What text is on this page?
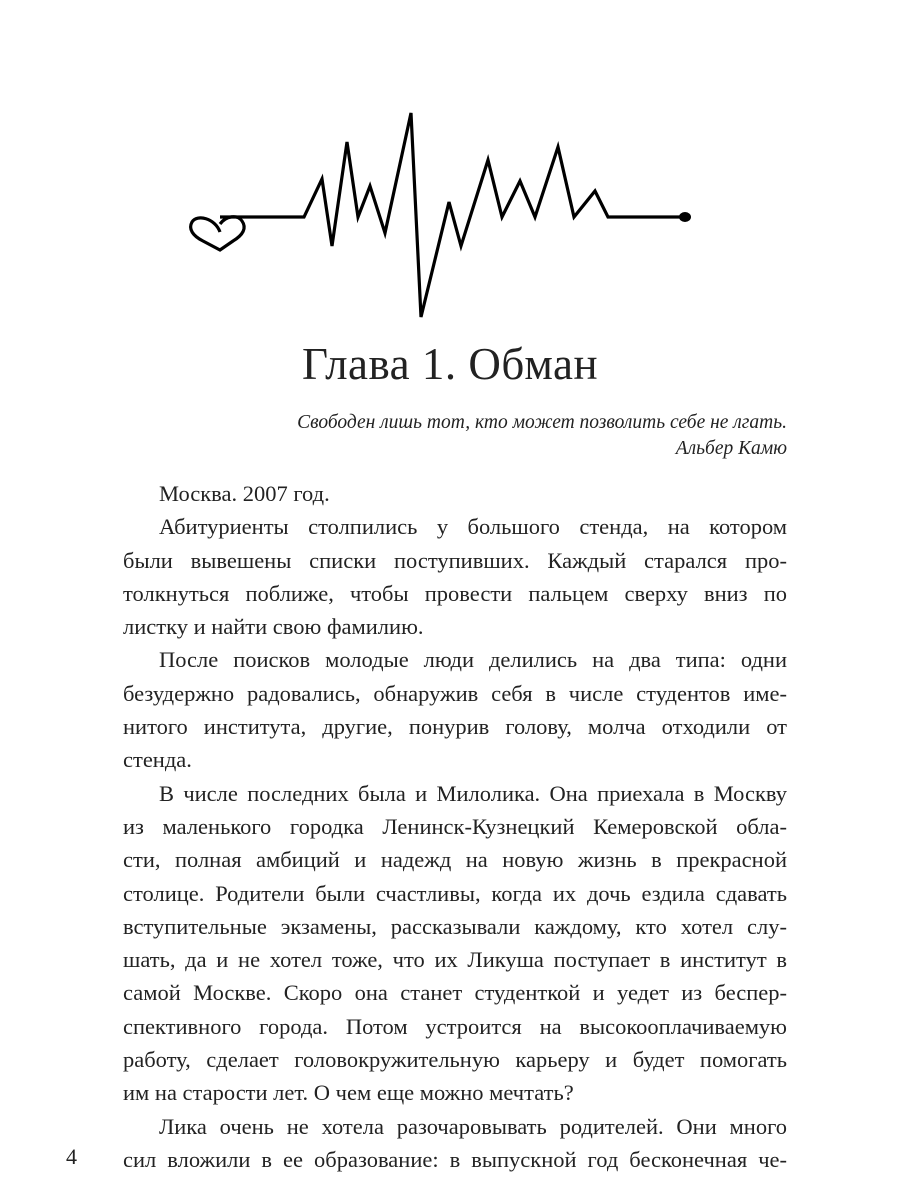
Глава 1. Обман
Свободен лишь тот, кто может позволить себе не лгать.
Альбер Камю
Москва. 2007 год.
Абитуриенты столпились у большого стенда, на котором
были вывешены списки поступивших. Каждый старался про-
толкнуться поближе, чтобы провести пальцем сверху вниз по
листку и найти свою фамилию.
После поисков молодые люди делились на два типа: одни
безудержно радовались, обнаружив себя в числе студентов име-
нитого института, другие, понурив голову, молча отходили от
стенда.
В числе последних была и Милолика. Она приехала в Москву
из маленького городка Ленинск-Кузнецкий Кемеровской обла-
сти, полная амбиций и надежд на новую жизнь в прекрасной
столице. Родители были счастливы, когда их дочь ездила сдавать
вступительные экзамены, рассказывали каждому, кто хотел слу-
шать, да и не хотел тоже, что их Ликуша поступает в институт в
самой Москве. Скоро она станет студенткой и уедет из беспер-
спективного города. Потом устроится на высокооплачиваемую
работу, сделает головокружительную карьеру и будет помогать
им на старости лет. О чем еще можно мечтать?
Лика очень не хотела разочаровывать родителей. Они много
сил вложили в ее образование: в выпускной год бесконечная че-
4
